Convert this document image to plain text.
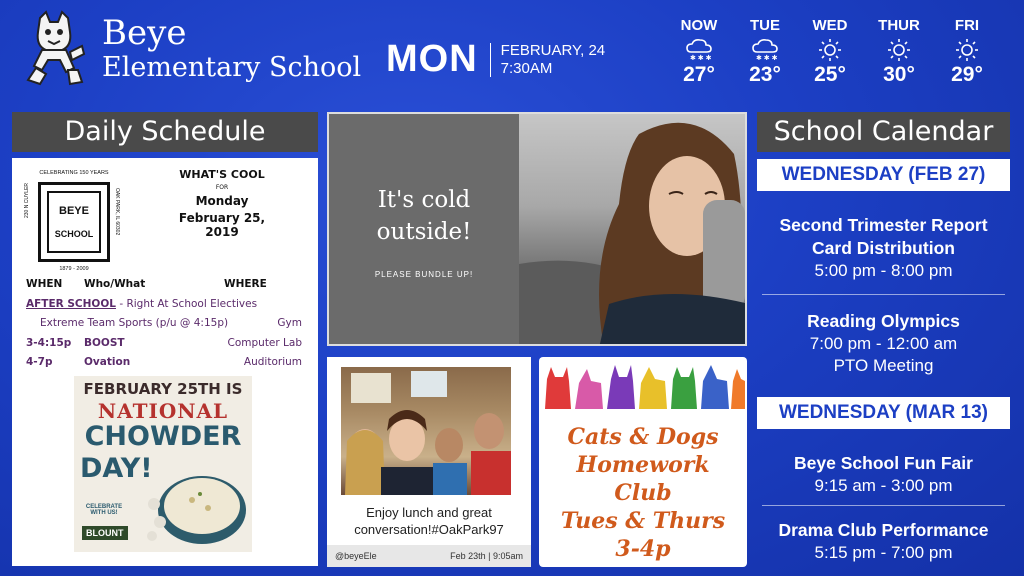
Beye
Elementary School MON FEBRUARY, 24
7:30AM
NOW
✱ ✱ ✱
27°
TUE
✱ ✱ ✱
23°
WED
25°
THUR
30°
FRI
29°
Daily Schedule
CELEBRATING 150 YEARS
BEYE
SCHOOL
230 N CUYLER	OAK PARK, IL 60302
1879 - 2009
WHAT'S COOL
FOR
Monday
February 25, 2019
WHEN Who/What	WHERE
AFTER SCHOOL - Right At School Electives
Extreme Team Sports (p/u @ 4:15p)	Gym
3-4:15p BOOST	Computer Lab
4-7p	Ovation	Auditorium
FEBRUARY 25TH IS
NATIONAL
CHOWDER
DAY!
CELEBRATE WITH US!
BLOUNT
It's cold
outside!
PLEASE BUNDLE UP!
Enjoy lunch and great
conversation!#OakPark97
@beyeEle	Feb 23th | 9:05am
Cats & Dogs
Homework
Club
Tues & Thurs
3-4p
School Calendar
WEDNESDAY (FEB 27)
Second Trimester Report
Card Distribution
5:00 pm - 8:00 pm
Reading Olympics
7:00 pm - 12:00 am
PTO Meeting
WEDNESDAY (MAR 13)
Beye School Fun Fair
9:15 am - 3:00 pm
Drama Club Performance
5:15 pm - 7:00 pm
